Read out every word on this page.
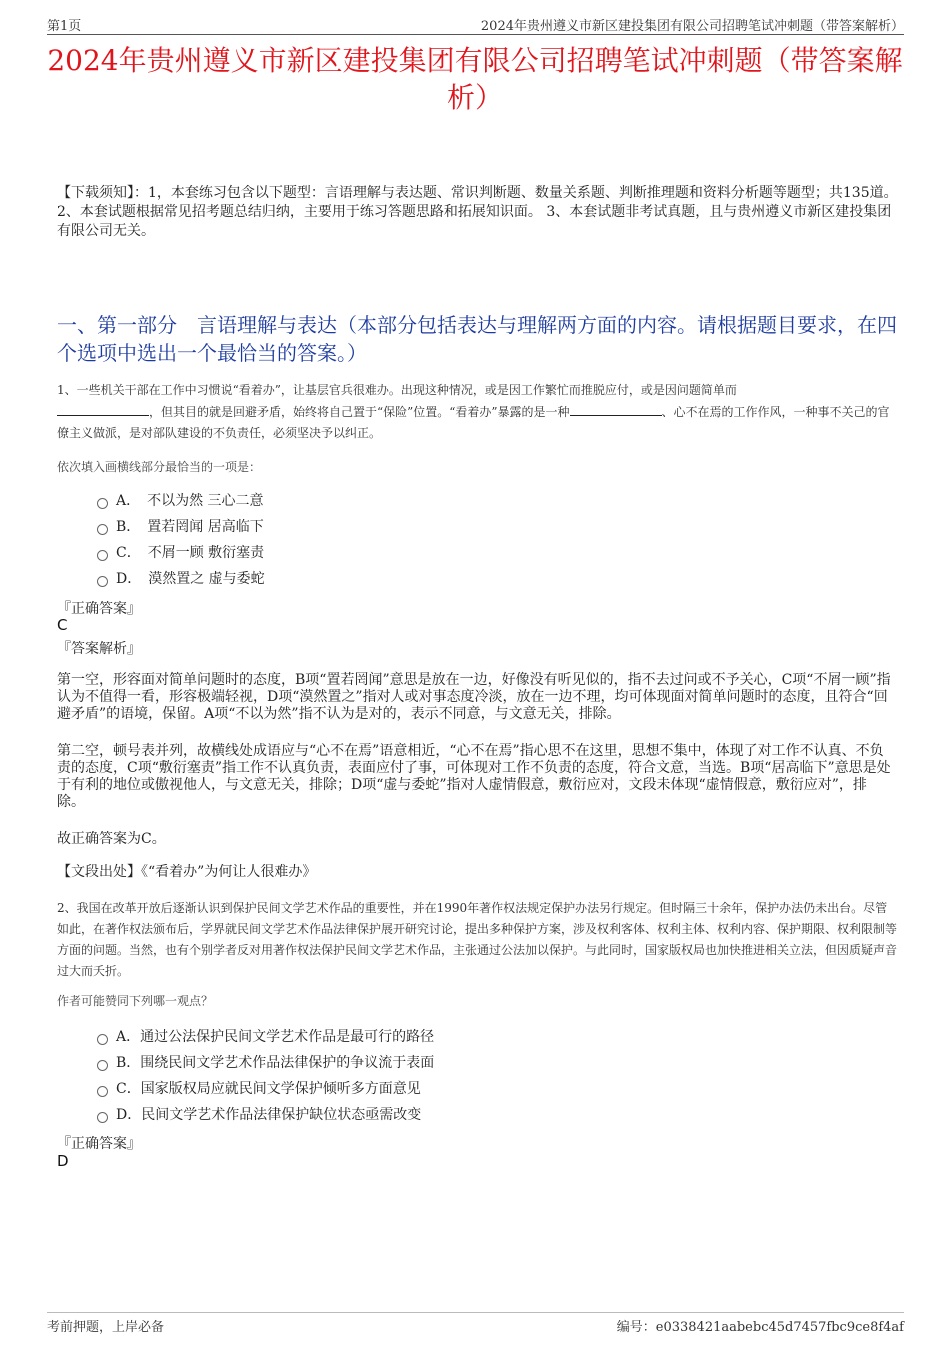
第1页	2024年贵州遵义市新区建投集团有限公司招聘笔试冲刺题（带答案解析）
2024年贵州遵义市新区建投集团有限公司招聘笔试冲刺题（带答案解析）
【下载须知】：1，本套练习包含以下题型：言语理解与表达题、常识判断题、数量关系题、判断推理题和资料分析题等题型；共135道。 2、本套试题根据常见招考题总结归纳，主要用于练习答题思路和拓展知识面。 3、本套试题非考试真题，且与贵州遵义市新区建投集团有限公司无关。
一、第一部分　言语理解与表达（本部分包括表达与理解两方面的内容。请根据题目要求，在四个选项中选出一个最恰当的答案。）
1、一些机关干部在工作中习惯说“看着办”，让基层官兵很难办。出现这种情况，或是因工作繁忙而推脱应付，或是因问题简单而
，但其目的就是回避矛盾，始终将自己置于“保险”位置。“看着办”暴露的是一种	、心不在焉的工作作风，一种事不关己的官僚主义做派，是对部队建设的不负责任，必须坚决予以纠正。
依次填入画横线部分最恰当的一项是：
A．　不以为然 三心二意
B．　置若罔闻 居高临下
C．　不屑一顾 敷衍塞责
D．　漠然置之 虚与委蛇
『正确答案』
C
『答案解析』
第一空，形容面对简单问题时的态度，B项“置若罔闻”意思是放在一边，好像没有听见似的，指不去过问或不予关心，C项“不屑一顾”指认为不值得一看，形容极端轻视，D项“漠然置之”指对人或对事态度冷淡，放在一边不理，均可体现面对简单问题时的态度，且符合“回避矛盾”的语境，保留。A项“不以为然”指不认为是对的，表示不同意，与文意无关，排除。
第二空，顿号表并列，故横线处成语应与“心不在焉”语意相近，“心不在焉”指心思不在这里，思想不集中，体现了对工作不认真、不负责的态度，C项“敷衍塞责”指工作不认真负责，表面应付了事，可体现对工作不负责的态度，符合文意，当选。B项“居高临下”意思是处于有利的地位或傲视他人，与文意无关，排除；D项“虚与委蛇”指对人虚情假意，敷衍应对，文段未体现“虚情假意，敷衍应对”，排除。
故正确答案为C。
【文段出处】《“看着办”为何让人很难办》
2、我国在改革开放后逐渐认识到保护民间文学艺术作品的重要性，并在1990年著作权法规定保护办法另行规定。但时隔三十余年，保护办法仍未出台。尽管如此，在著作权法颁布后，学界就民间文学艺术作品法律保护展开研究讨论，提出多种保护方案，涉及权利客体、权利主体、权利内容、保护期限、权利限制等方面的问题。当然，也有个别学者反对用著作权法保护民间文学艺术作品，主张通过公法加以保护。与此同时，国家版权局也加快推进相关立法，但因质疑声音过大而夭折。
作者可能赞同下列哪一观点？
A．通过公法保护民间文学艺术作品是最可行的路径
B．围绕民间文学艺术作品法律保护的争议流于表面
C．国家版权局应就民间文学保护倾听多方面意见
D．民间文学艺术作品法律保护缺位状态亟需改变
『正确答案』
D
考前押题，上岸必备	编号：e0338421aabebc45d7457fbc9ce8f4af
